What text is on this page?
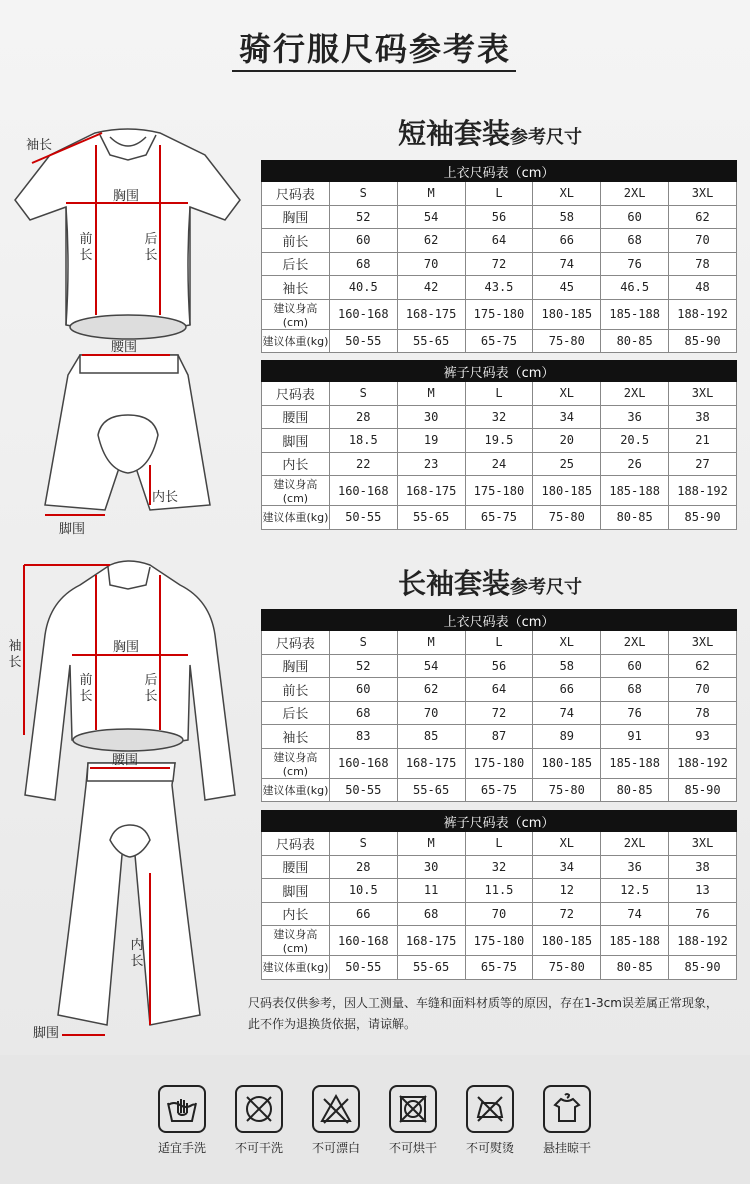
骑行服尺码参考表
短袖套装参考尺寸
袖长
胸围
前长
后长
腰围
内长
脚围
上衣尺码表（cm）						
尺码表	S	M	L	XL	2XL	3XL
胸围	52	54	56	58	60	62
前长	60	62	64	66	68	70
后长	68	70	72	74	76	78
袖长	40.5	42	43.5	45	46.5	48
建议身高(cm)	160-168	168-175	175-180	180-185	185-188	188-192
建议体重(kg)	50-55	55-65	65-75	75-80	80-85	85-90
裤子尺码表（cm）						
尺码表	S	M	L	XL	2XL	3XL
腰围	28	30	32	34	36	38
脚围	18.5	19	19.5	20	20.5	21
内长	22	23	24	25	26	27
建议身高(cm)	160-168	168-175	175-180	180-185	185-188	188-192
建议体重(kg)	50-55	55-65	65-75	75-80	80-85	85-90
长袖套装参考尺寸
袖
长
胸围
前长
后长
腰围
内长
脚围
上衣尺码表（cm）						
尺码表	S	M	L	XL	2XL	3XL
胸围	52	54	56	58	60	62
前长	60	62	64	66	68	70
后长	68	70	72	74	76	78
袖长	83	85	87	89	91	93
建议身高(cm)	160-168	168-175	175-180	180-185	185-188	188-192
建议体重(kg)	50-55	55-65	65-75	75-80	80-85	85-90
裤子尺码表（cm）						
尺码表	S	M	L	XL	2XL	3XL
腰围	28	30	32	34	36	38
脚围	10.5	11	11.5	12	12.5	13
内长	66	68	70	72	74	76
建议身高(cm)	160-168	168-175	175-180	180-185	185-188	188-192
建议体重(kg)	50-55	55-65	65-75	75-80	80-85	85-90
尺码表仅供参考，因人工测量、车缝和面料材质等的原因，存在1-3cm误差属正常现象，此不作为退换货依据，请谅解。
适宜手洗	不可干洗	不可漂白	不可烘干	不可熨烫	悬挂晾干
